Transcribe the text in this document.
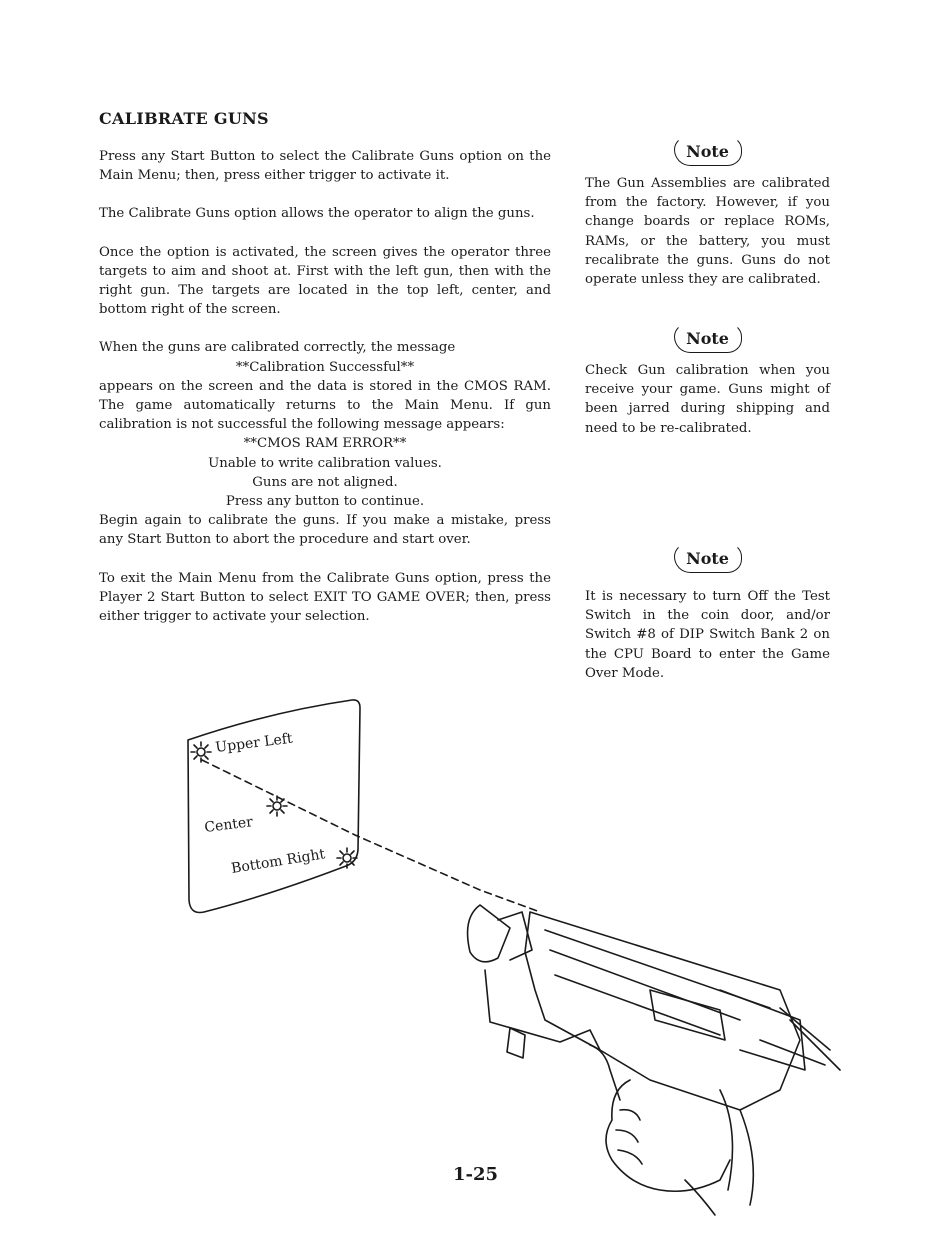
CALIBRATE GUNS

Press any Start Button to select the Calibrate Guns option on the Main Menu; then, press either trigger to activate it.

The Calibrate Guns option allows the operator to align the guns.

Once the option is activated, the screen gives the operator three targets to aim and shoot at. First with the left gun, then with the right gun. The targets are located in the top left, center, and bottom right of the screen.

When the guns are calibrated correctly, the message

**Calibration Successful**

appears on the screen and the data is stored in the CMOS RAM. The game automatically returns to the Main Menu. If gun calibration is not successful the following message appears:

**CMOS RAM ERROR**
Unable to write calibration values.
Guns are not aligned.
Press any button to continue.

Begin again to calibrate the guns. If you make a mistake, press any Start Button to abort the procedure and start over.

To exit the Main Menu from the Calibrate Guns option, press the Player 2 Start Button to select EXIT TO GAME OVER; then, press either trigger to activate your selection.

Note

The Gun Assemblies are calibrated from the factory. However, if you change boards or replace ROMs, RAMs, or the battery, you must recalibrate the guns. Guns do not operate unless they are calibrated.

Note

Check Gun calibration when you receive your game. Guns might of been jarred during shipping and need to be re-calibrated.

Note

It is necessary to turn Off the Test Switch in the coin door, and/or Switch #8 of DIP Switch Bank 2 on the CPU Board to enter the Game Over Mode.

Upper Left
Center
Bottom Right
1-25
